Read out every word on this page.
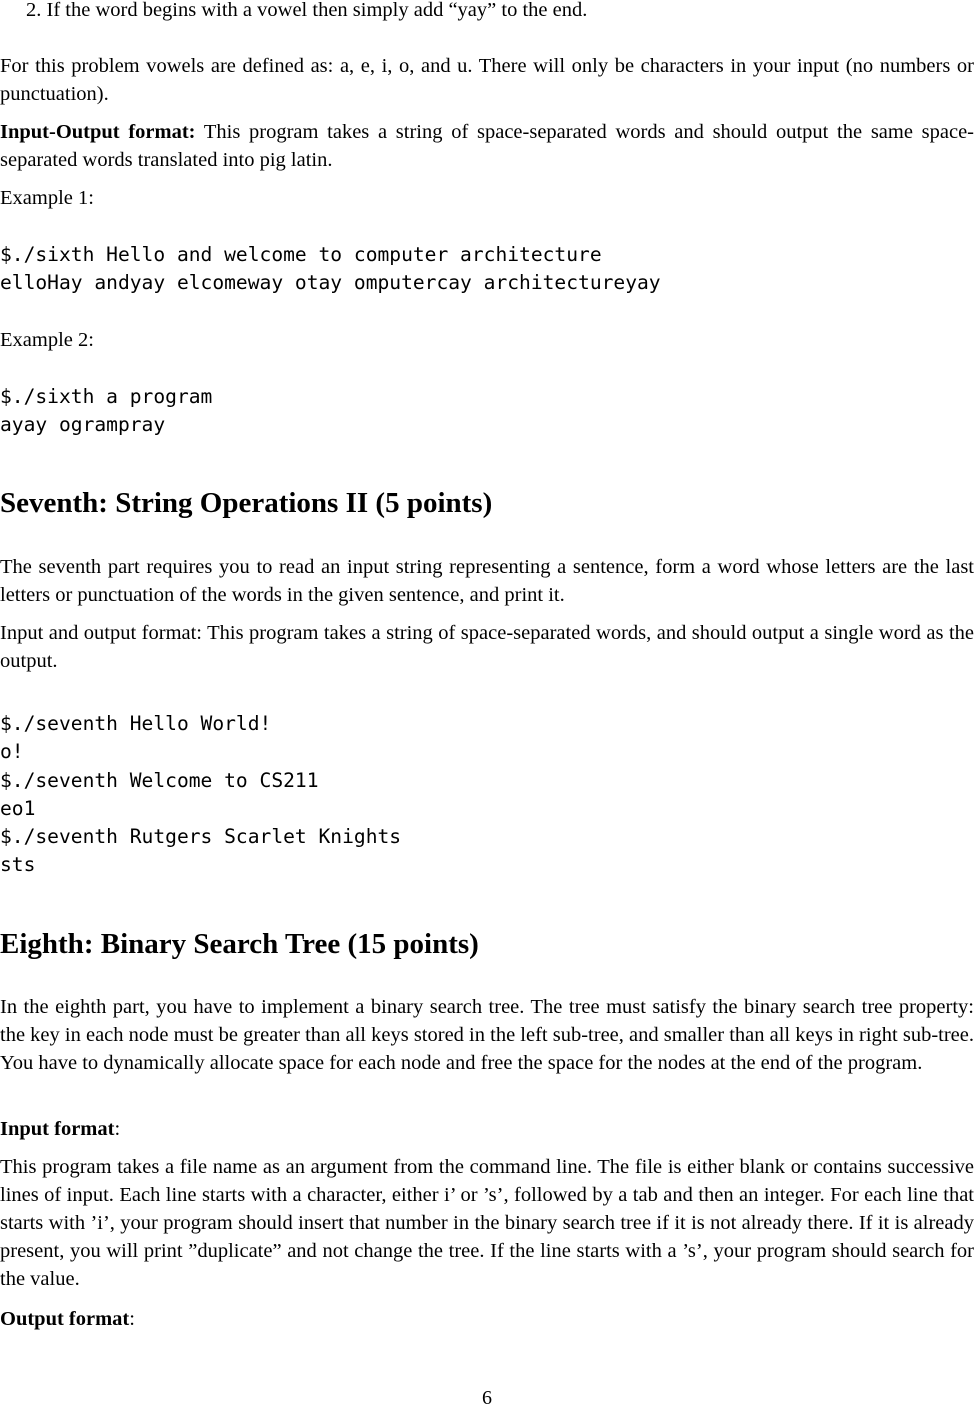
2. If the word begins with a vowel then simply add “yay” to the end.
For this problem vowels are defined as: a, e, i, o, and u. There will only be characters in your input (no numbers or punctuation).
Input-Output format: This program takes a string of space-separated words and should output the same space-separated words translated into pig latin.
Example 1:
$./sixth Hello and welcome to computer architecture
elloHay andyay elcomeway otay omputercay architectureyay
Example 2:
$./sixth a program
ayay ogrampray
Seventh: String Operations II (5 points)
The seventh part requires you to read an input string representing a sentence, form a word whose letters are the last letters or punctuation of the words in the given sentence, and print it.
Input and output format: This program takes a string of space-separated words, and should output a single word as the output.
$./seventh Hello World!
o!
$./seventh Welcome to CS211
eo1
$./seventh Rutgers Scarlet Knights
sts
Eighth: Binary Search Tree (15 points)
In the eighth part, you have to implement a binary search tree. The tree must satisfy the binary search tree property: the key in each node must be greater than all keys stored in the left sub-tree, and smaller than all keys in right sub-tree. You have to dynamically allocate space for each node and free the space for the nodes at the end of the program.
Input format:
This program takes a file name as an argument from the command line. The file is either blank or contains successive lines of input. Each line starts with a character, either i’ or ’s’, followed by a tab and then an integer. For each line that starts with ’i’, your program should insert that number in the binary search tree if it is not already there. If it is already present, you will print ”duplicate” and not change the tree. If the line starts with a ’s’, your program should search for the value.
Output format:
6
